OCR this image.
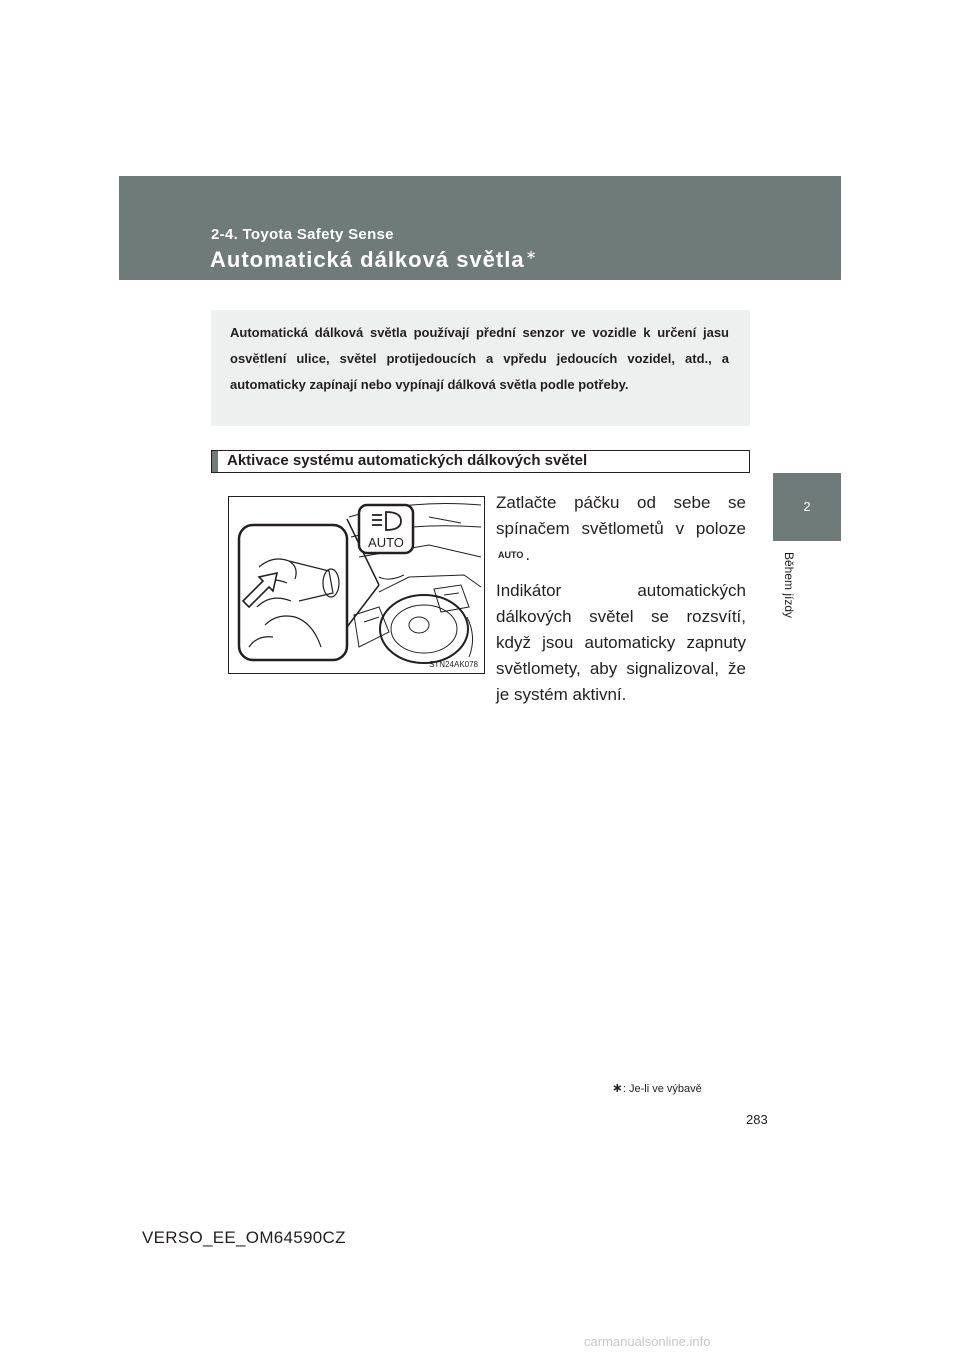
2-4. Toyota Safety Sense
Automatická dálková světla∗
2
Během jízdy
Automatická dálková světla používají přední senzor ve vozidle k určení jasu osvětlení ulice, světel protijedoucích a vpředu jedoucích vozidel, atd., a automaticky zapínají nebo vypínají dálková světla podle potřeby.
Aktivace systému automatických dálkových světel
AUTO
STN24AK078

Zatlačte páčku od sebe se spínačem světlometů v poloze AUTO .

Indikátor automatických dálkových světel se rozsvítí, když jsou automaticky zapnuty světlomety, aby signalizoval, že je systém aktivní.

∗: Je-li ve výbavě
283
VERSO_EE_OM64590CZ
carmanualsonline.info
